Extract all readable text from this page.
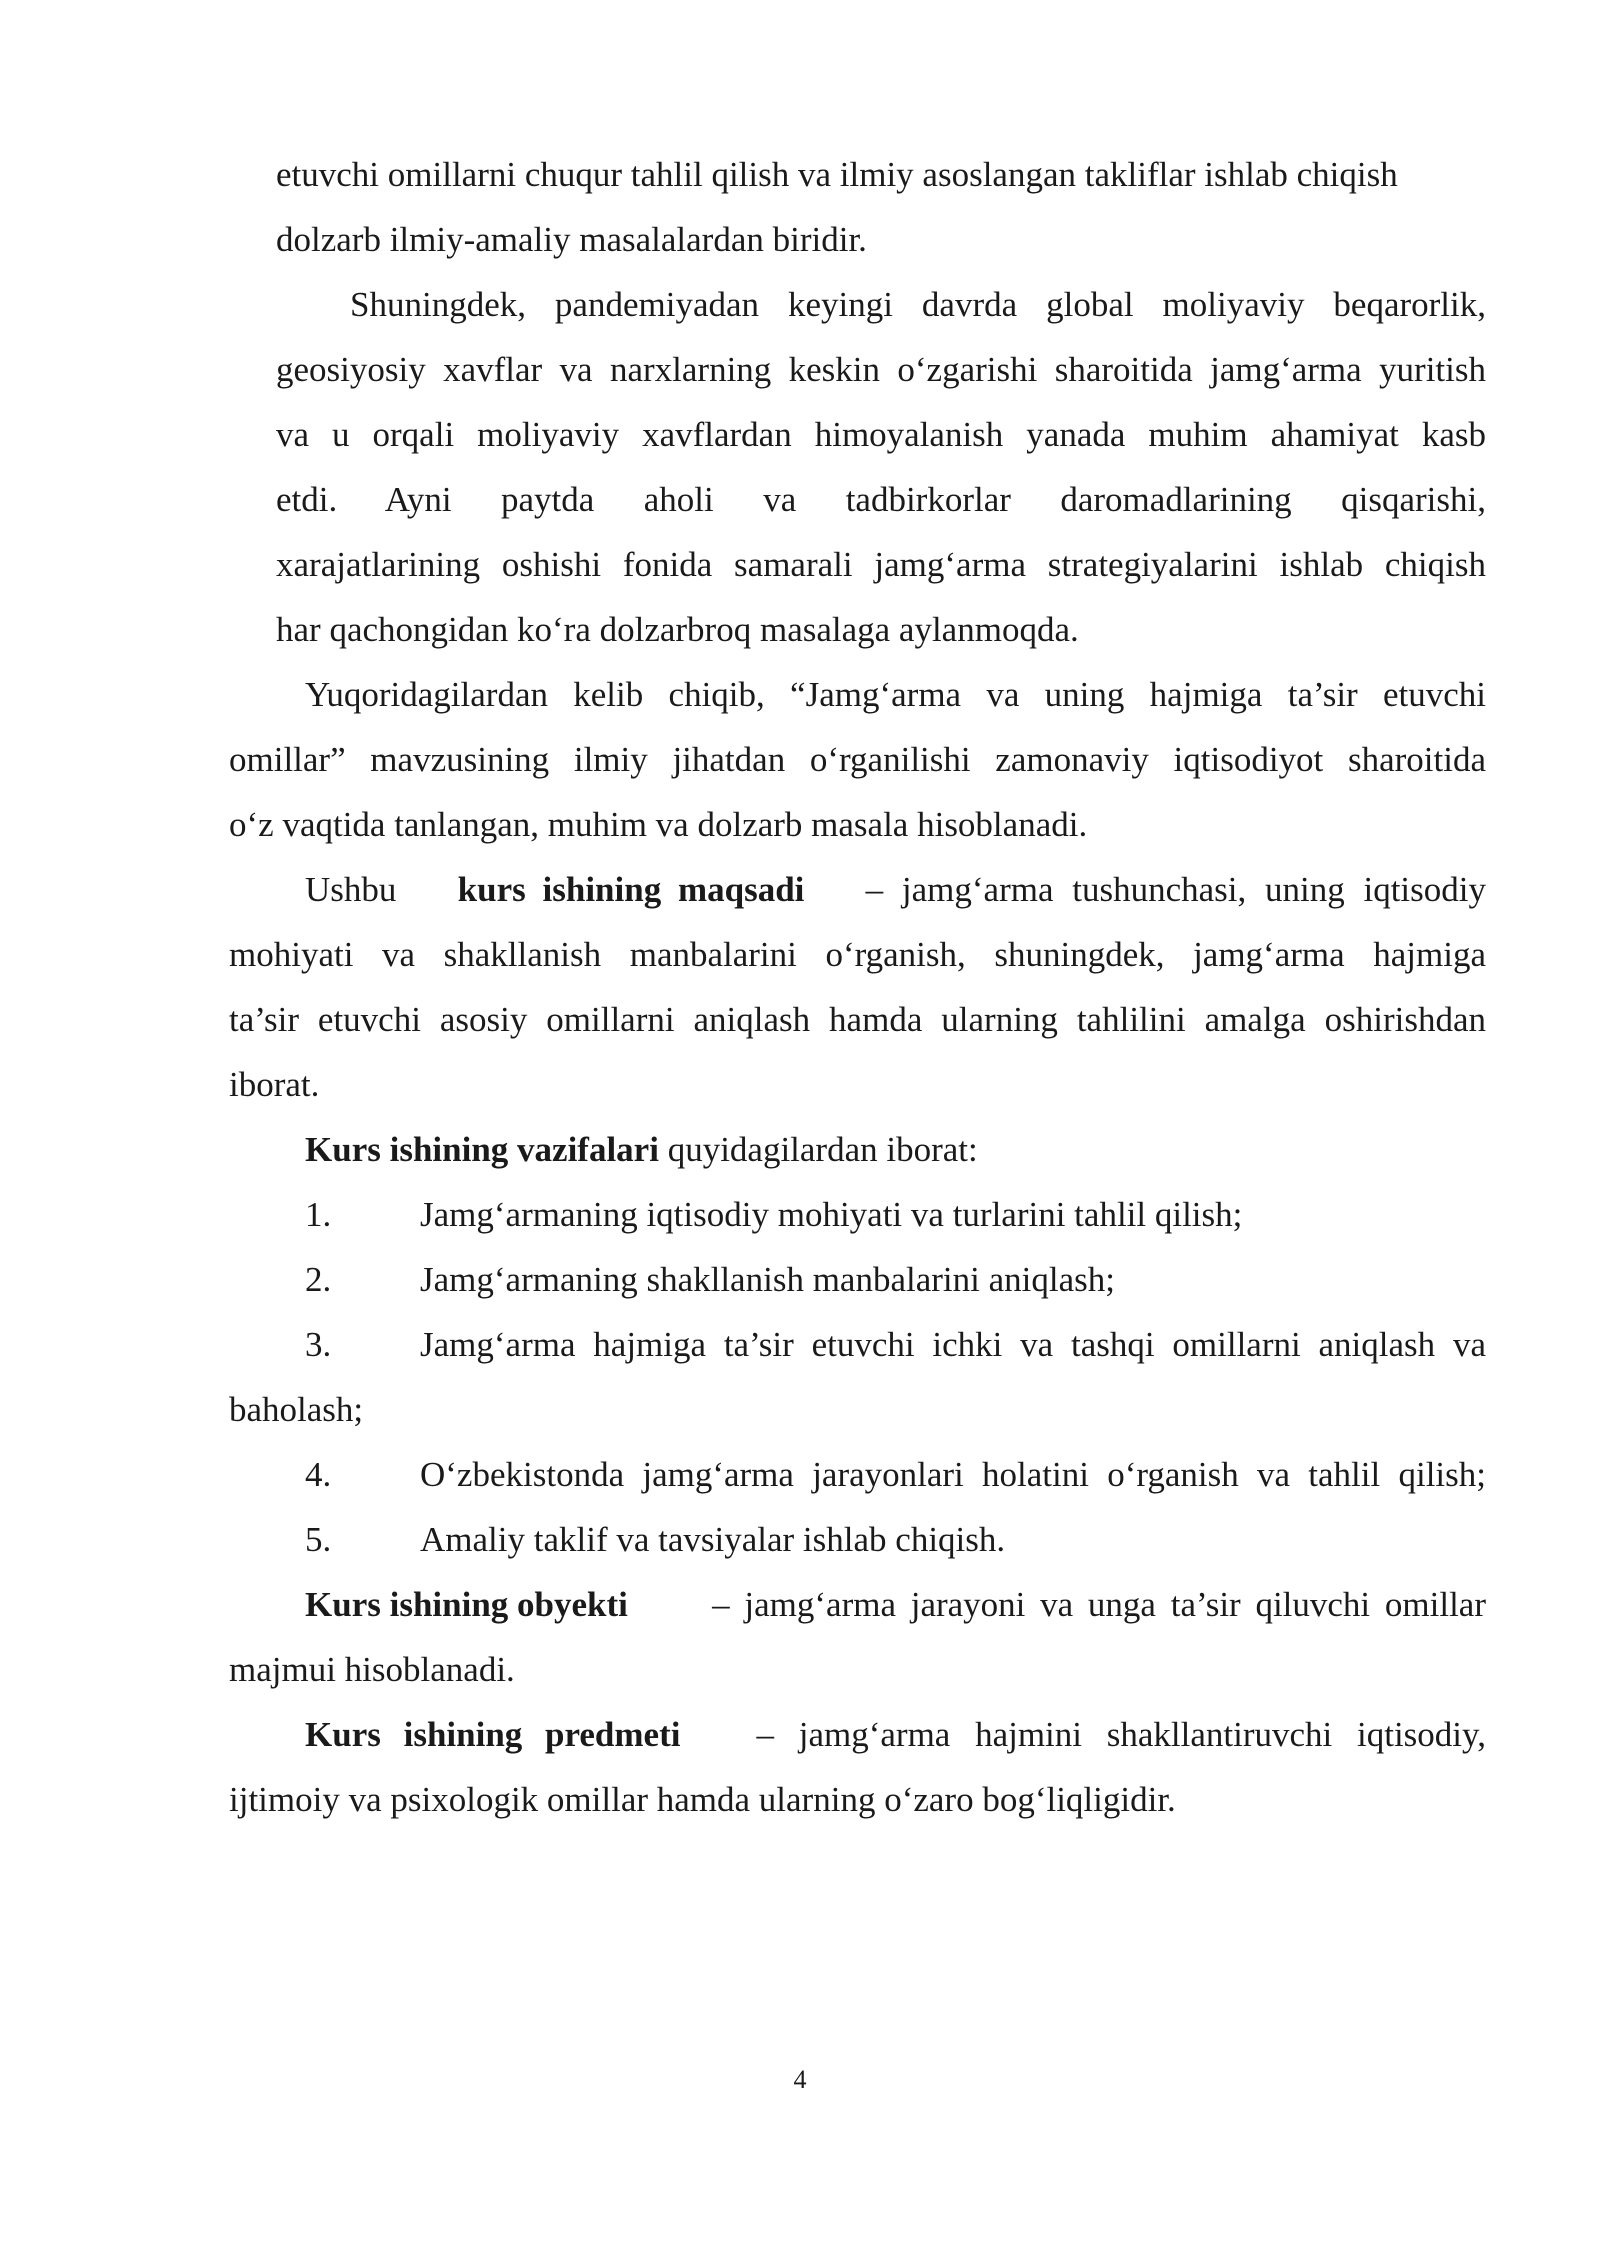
etuvchi omillarni chuqur tahlil qilish va ilmiy asoslangan takliflar ishlab chiqish
dolzarb ilmiy-amaliy masalalardan biridir.
Shuningdek, pandemiyadan keyingi davrda global moliyaviy beqarorlik,
geosiyosiy xavflar va narxlarning keskin o‘zgarishi sharoitida jamg‘arma yuritish
va u orqali moliyaviy xavflardan himoyalanish yanada muhim ahamiyat kasb
etdi. Ayni paytda aholi va tadbirkorlar daromadlarining qisqarishi,
xarajatlarining oshishi fonida samarali jamg‘arma strategiyalarini ishlab chiqish
har qachongidan ko‘ra dolzarbroq masalaga aylanmoqda.
Yuqoridagilardan kelib chiqib, “Jamg‘arma va uning hajmiga ta’sir etuvchi
omillar” mavzusining ilmiy jihatdan o‘rganilishi zamonaviy iqtisodiyot sharoitida
o‘z vaqtida tanlangan, muhim va dolzarb masala hisoblanadi.
Ushbu kurs ishining maqsadi – jamg‘arma tushunchasi, uning iqtisodiy
mohiyati va shakllanish manbalarini o‘rganish, shuningdek, jamg‘arma hajmiga
ta’sir etuvchi asosiy omillarni aniqlash hamda ularning tahlilini amalga oshirishdan
iborat.
Kurs ishining vazifalari quyidagilardan iborat:
1.	Jamg‘armaning iqtisodiy mohiyati va turlarini tahlil qilish;
2.	Jamg‘armaning shakllanish manbalarini aniqlash;
3.	Jamg‘arma hajmiga ta’sir etuvchi ichki va tashqi omillarni aniqlash va
baholash;
4.	O‘zbekistonda jamg‘arma jarayonlari holatini o‘rganish va tahlil qilish;
5.	Amaliy taklif va tavsiyalar ishlab chiqish.
Kurs ishining obyekti – jamg‘arma jarayoni va unga ta’sir qiluvchi omillar
majmui hisoblanadi.
Kurs ishining predmeti – jamg‘arma hajmini shakllantiruvchi iqtisodiy,
ijtimoiy va psixologik omillar hamda ularning o‘zaro bog‘liqligidir.
4
